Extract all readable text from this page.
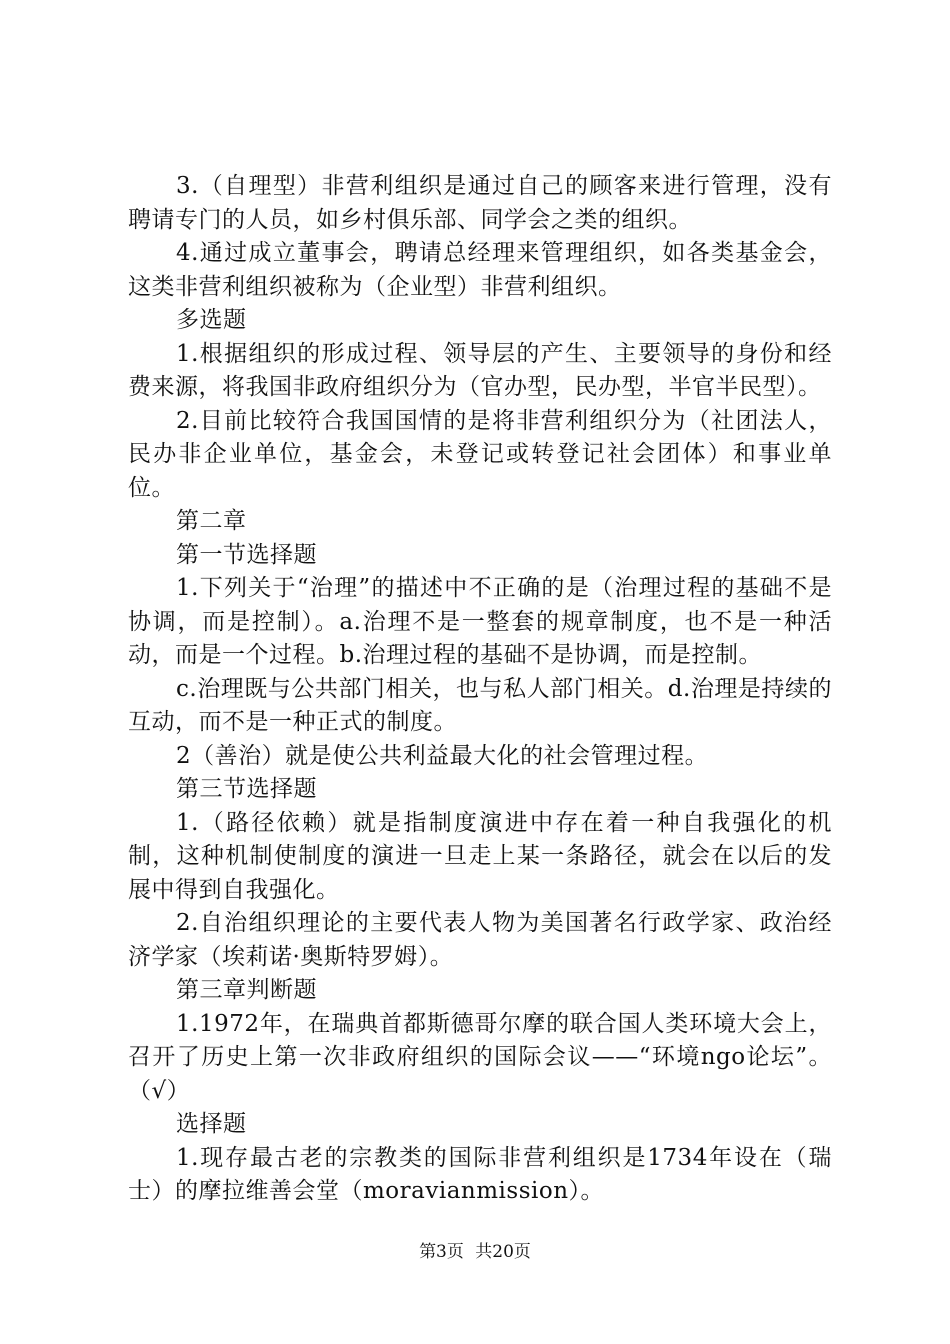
3.（自理型）非营利组织是通过自己的顾客来进行管理，没有聘请专门的人员，如乡村俱乐部、同学会之类的组织。

4.通过成立董事会，聘请总经理来管理组织，如各类基金会，这类非营利组织被称为（企业型）非营利组织。

多选题

1.根据组织的形成过程、领导层的产生、主要领导的身份和经费来源，将我国非政府组织分为（官办型，民办型，半官半民型）。

2.目前比较符合我国国情的是将非营利组织分为（社团法人，民办非企业单位，基金会，未登记或转登记社会团体）和事业单位。

第二章

第一节选择题

1.下列关于“治理”的描述中不正确的是（治理过程的基础不是协调，而是控制）。a.治理不是一整套的规章制度，也不是一种活动，而是一个过程。b.治理过程的基础不是协调，而是控制。

c.治理既与公共部门相关，也与私人部门相关。d.治理是持续的互动，而不是一种正式的制度。

2（善治）就是使公共利益最大化的社会管理过程。

第三节选择题

1.（路径依赖）就是指制度演进中存在着一种自我强化的机制，这种机制使制度的演进一旦走上某一条路径，就会在以后的发展中得到自我强化。

2.自治组织理论的主要代表人物为美国著名行政学家、政治经济学家（埃莉诺·奥斯特罗姆）。

第三章判断题

1.1972年，在瑞典首都斯德哥尔摩的联合国人类环境大会上，召开了历史上第一次非政府组织的国际会议——“环境ngo论坛”。（√）

选择题

1.现存最古老的宗教类的国际非营利组织是1734年设在（瑞士）的摩拉维善会堂（moravianmission）。

第3页 共20页
